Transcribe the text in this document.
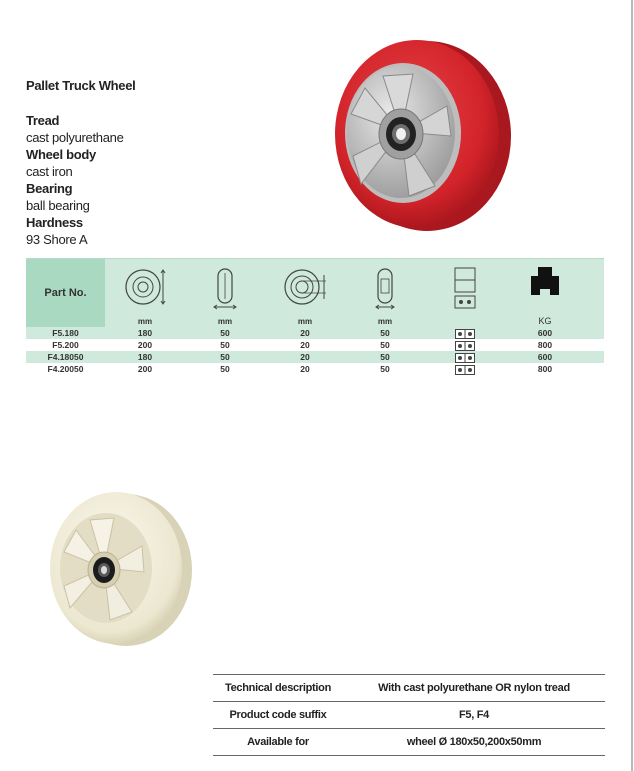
Pallet Truck Wheel
Tread
cast polyurethane
Wheel body
cast iron
Bearing
ball bearing
Hardness
93 Shore A
Part No.
mm	mm	mm	mm	KG
F5.180	180	50	20	50	600
F5.200	200	50	20	50	800
F4.18050	180	50	20	50	600
F4.20050	200	50	20	50	800
Technical description	With cast polyurethane OR nylon tread
Product code suffix	F5, F4
Available for	wheel Ø 180x50,200x50mm
